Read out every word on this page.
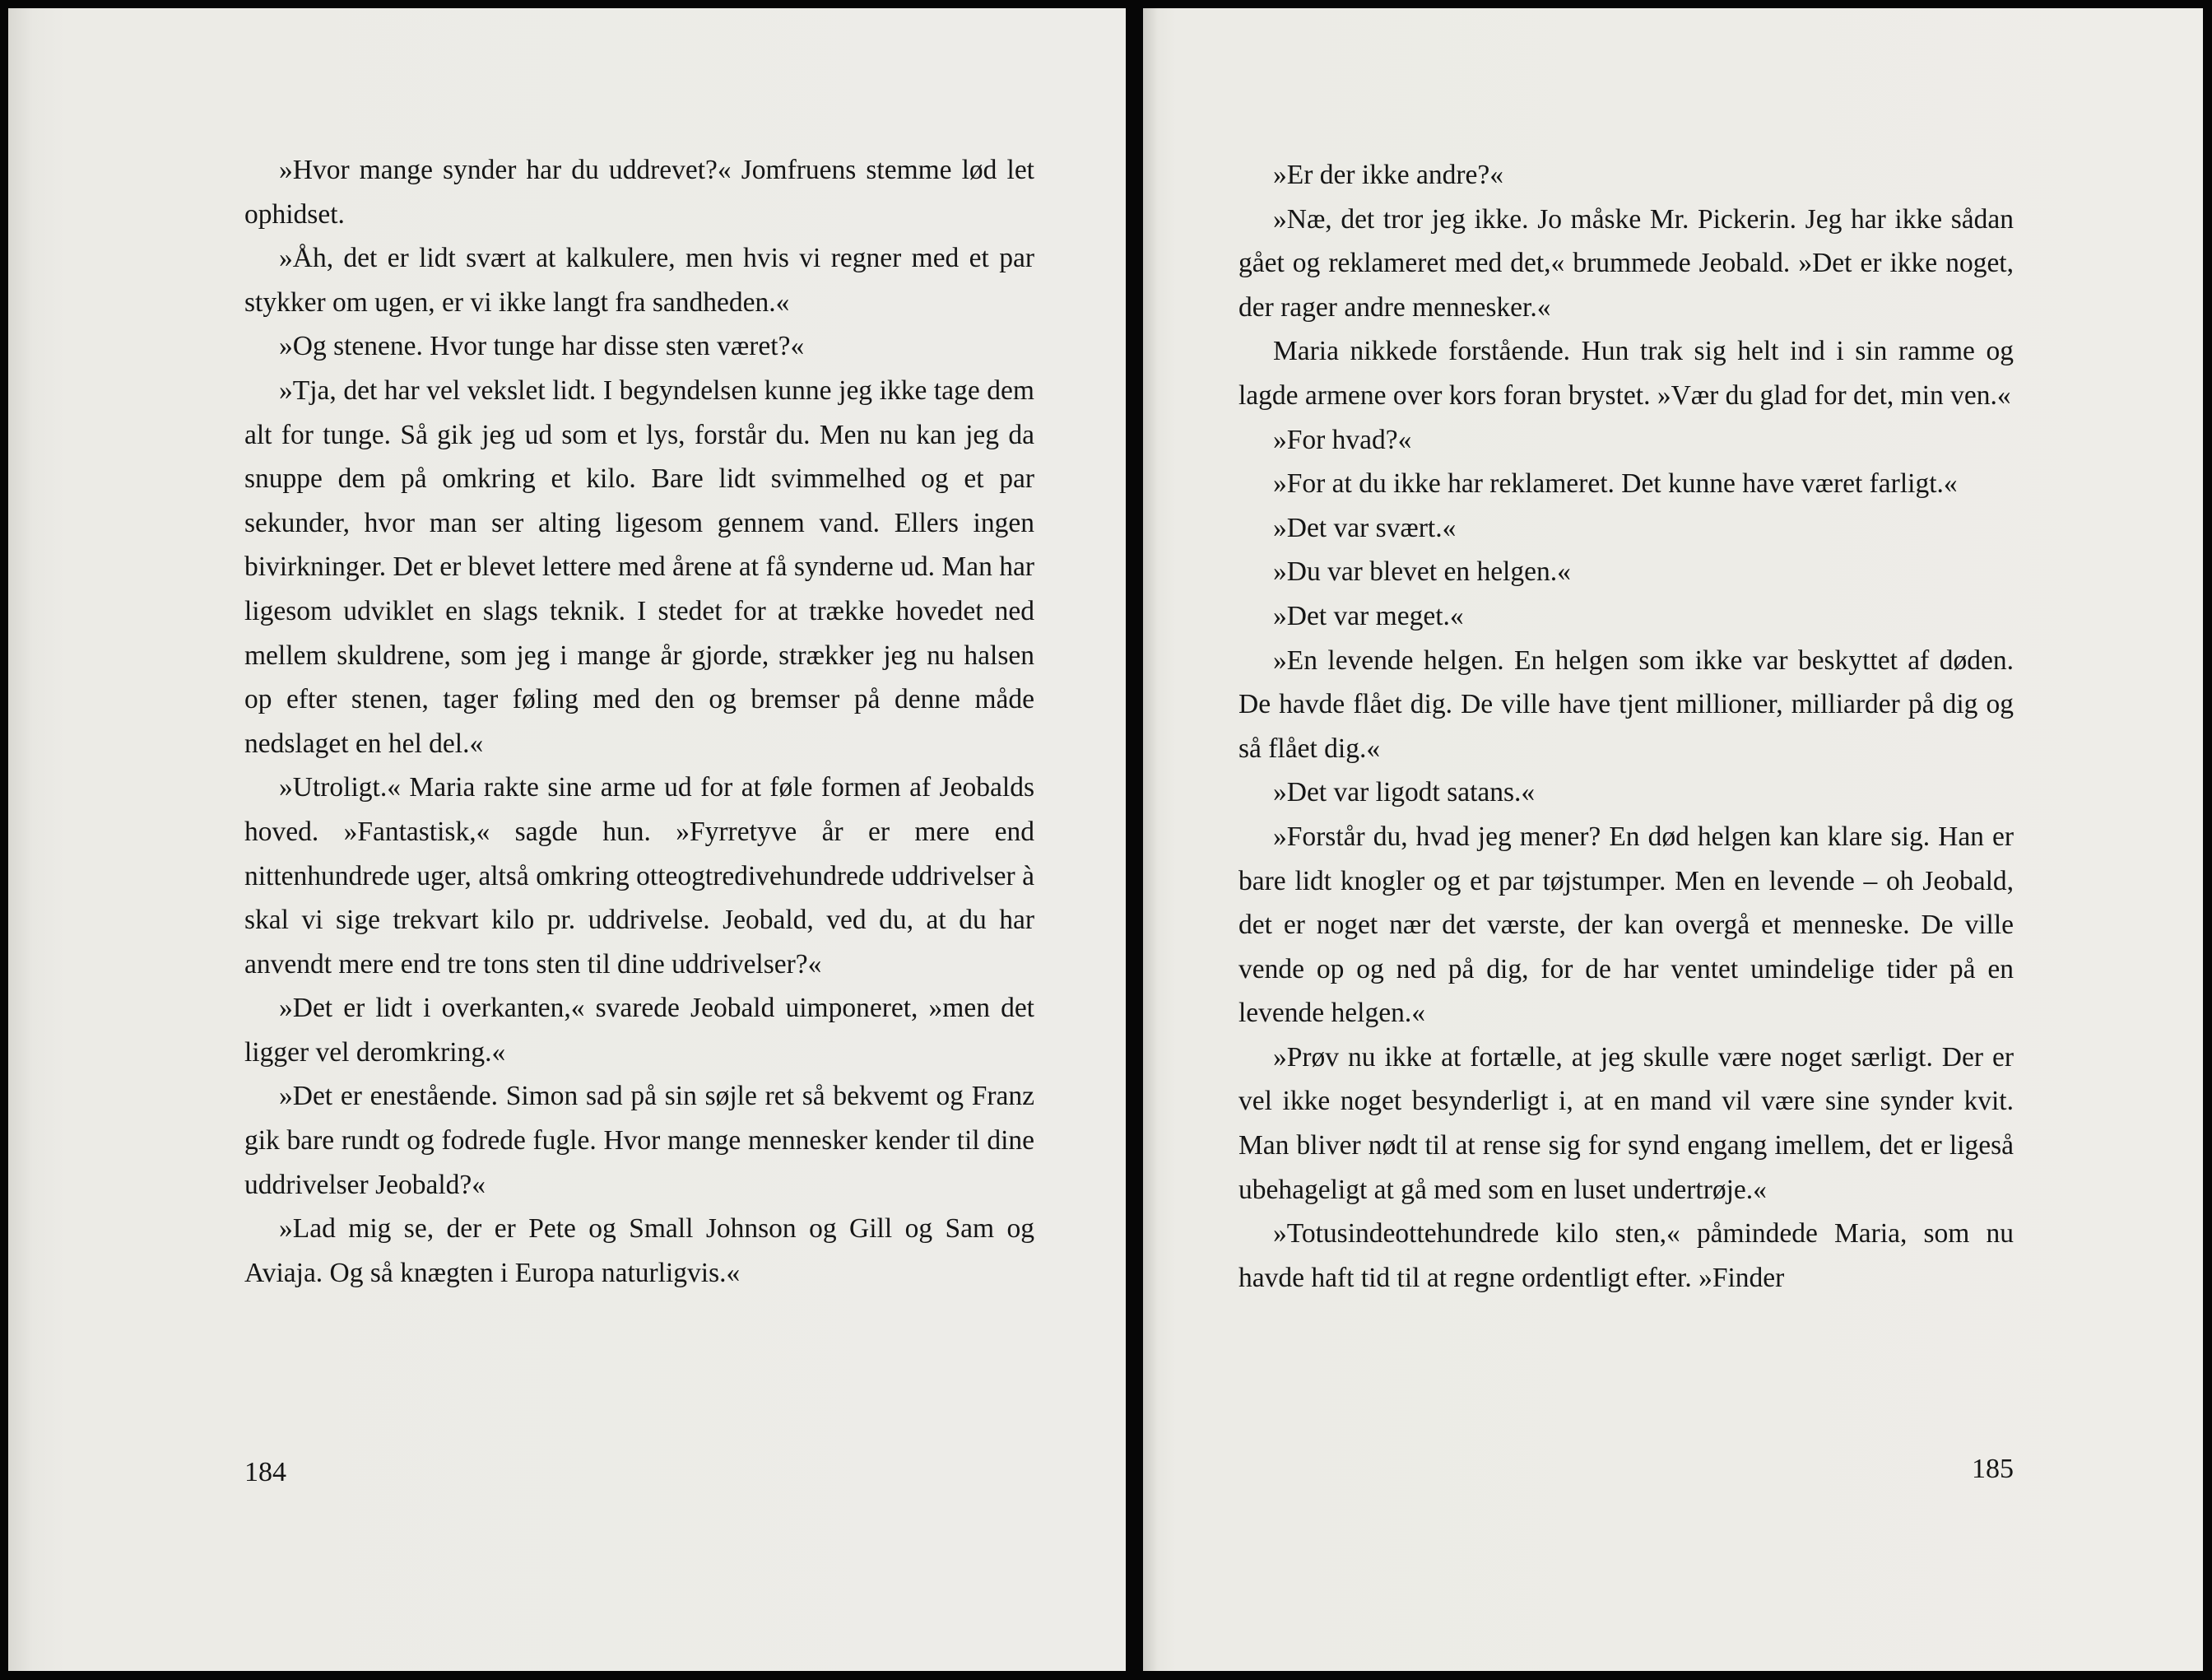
»Hvor mange synder har du uddrevet?« Jomfruens stemme lød let ophidset.

»Åh, det er lidt svært at kalkulere, men hvis vi regner med et par stykker om ugen, er vi ikke langt fra sandheden.«

»Og stenene. Hvor tunge har disse sten været?«

»Tja, det har vel vekslet lidt. I begyndelsen kunne jeg ikke tage dem alt for tunge. Så gik jeg ud som et lys, forstår du. Men nu kan jeg da snuppe dem på omkring et kilo. Bare lidt svimmelhed og et par sekunder, hvor man ser alting ligesom gennem vand. Ellers ingen bivirkninger. Det er blevet lettere med årene at få synderne ud. Man har ligesom udviklet en slags teknik. I stedet for at trække hovedet ned mellem skuldrene, som jeg i mange år gjorde, strækker jeg nu halsen op efter stenen, tager føling med den og bremser på denne måde nedslaget en hel del.«

»Utroligt.« Maria rakte sine arme ud for at føle formen af Jeobalds hoved. »Fantastisk,« sagde hun. »Fyrretyve år er mere end nittenhundrede uger, altså omkring otteogtredivehundrede uddrivelser à skal vi sige trekvart kilo pr. uddrivelse. Jeobald, ved du, at du har anvendt mere end tre tons sten til dine uddrivelser?«

»Det er lidt i overkanten,« svarede Jeobald uimponeret, »men det ligger vel deromkring.«

»Det er enestående. Simon sad på sin søjle ret så bekvemt og Franz gik bare rundt og fodrede fugle. Hvor mange mennesker kender til dine uddrivelser Jeobald?«

»Lad mig se, der er Pete og Small Johnson og Gill og Sam og Aviaja. Og så knægten i Europa naturligvis.«

184

»Er der ikke andre?«

»Næ, det tror jeg ikke. Jo måske Mr. Pickerin. Jeg har ikke sådan gået og reklameret med det,« brummede Jeobald. »Det er ikke noget, der rager andre mennesker.«

Maria nikkede forstående. Hun trak sig helt ind i sin ramme og lagde armene over kors foran brystet. »Vær du glad for det, min ven.«

»For hvad?«

»For at du ikke har reklameret. Det kunne have været farligt.«

»Det var svært.«

»Du var blevet en helgen.«

»Det var meget.«

»En levende helgen. En helgen som ikke var beskyttet af døden. De havde flået dig. De ville have tjent millioner, milliarder på dig og så flået dig.«

»Det var ligodt satans.«

»Forstår du, hvad jeg mener? En død helgen kan klare sig. Han er bare lidt knogler og et par tøjstumper. Men en levende – oh Jeobald, det er noget nær det værste, der kan overgå et menneske. De ville vende op og ned på dig, for de har ventet umindelige tider på en levende helgen.«

»Prøv nu ikke at fortælle, at jeg skulle være noget særligt. Der er vel ikke noget besynderligt i, at en mand vil være sine synder kvit. Man bliver nødt til at rense sig for synd engang imellem, det er ligeså ubehageligt at gå med som en luset undertrøje.«

»Totusindeottehundrede kilo sten,« påmindede Maria, som nu havde haft tid til at regne ordentligt efter. »Finder

185
